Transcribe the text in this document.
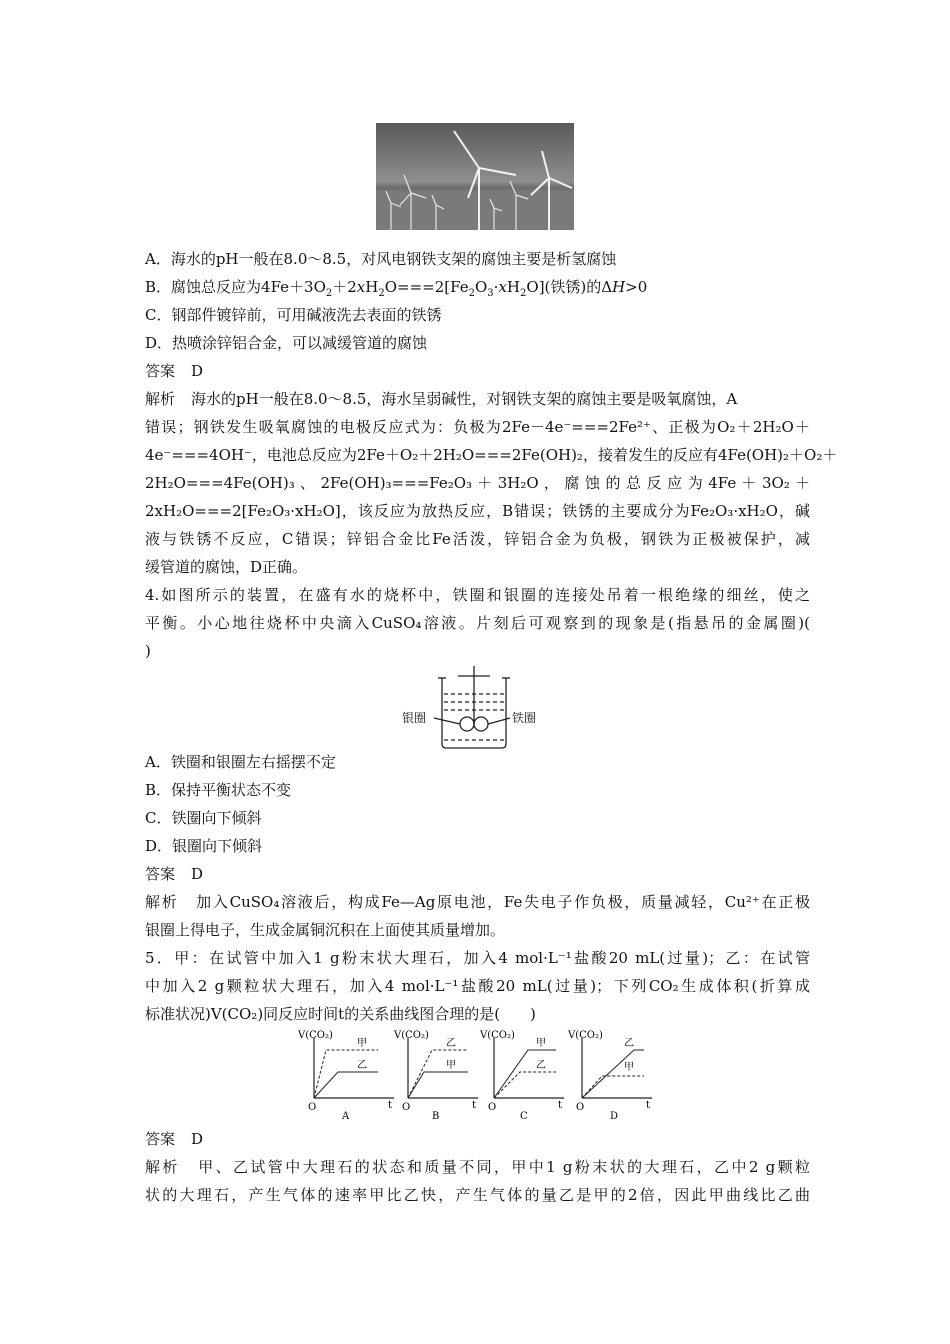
A．海水的pH一般在8.0～8.5，对风电钢铁支架的腐蚀主要是析氢腐蚀
B．腐蚀总反应为$4Fe+3O_2+2xH_2O===2[Fe_2O_3\cdot xH_2O]$(铁锈)的ΔH>0
C．钢部件镀锌前，可用碱液洗去表面的铁锈
D．热喷涂锌铝合金，可以减缓管道的腐蚀
答案 D
解析 海水的pH一般在8.0～8.5，海水呈弱碱性，对钢铁支架的腐蚀主要是吸氧腐蚀，A
错误；钢铁发生吸氧腐蚀的电极反应式为：负极为2Fe－4e⁻===2Fe²⁺、正极为O₂＋2H₂O＋
4e⁻===4OH⁻，电池总反应为2Fe＋O₂＋2H₂O===2Fe(OH)₂，接着发生的反应有4Fe(OH)₂＋O₂＋
2H₂O===4Fe(OH)₃ 、 2Fe(OH)₃===Fe₂O₃ ＋ 3H₂O ， 腐 蚀 的 总 反 应 为 4Fe ＋ 3O₂ ＋
2xH₂O===2[Fe₂O₃·xH₂O]，该反应为放热反应，B错误；铁锈的主要成分为Fe₂O₃·xH₂O，碱
液与铁锈不反应，C错误；锌铝合金比Fe活泼，锌铝合金为负极，钢铁为正极被保护，减
缓管道的腐蚀，D正确。
4.如图所示的装置，在盛有水的烧杯中，铁圈和银圈的连接处吊着一根绝缘的细丝，使之
平衡。小心地往烧杯中央滴入CuSO₄溶液。片刻后可观察到的现象是(指悬吊的金属圈)(
)
银圈	铁圈
A．铁圈和银圈左右摇摆不定
B．保持平衡状态不变
C．铁圈向下倾斜
D．银圈向下倾斜
答案 D
解析 加入CuSO₄溶液后，构成Fe—Ag原电池，Fe失电子作负极，质量减轻，Cu²⁺在正极
银圈上得电子，生成金属铜沉积在上面使其质量增加。
5．甲：在试管中加入1 g粉末状大理石，加入4 mol·L⁻¹盐酸20 mL(过量)；乙：在试管
中加入2 g颗粒状大理石，加入4 mol·L⁻¹盐酸20 mL(过量)；下列CO₂生成体积(折算成
标准状况)V(CO₂)同反应时间t的关系曲线图合理的是(　　)
V(CO₂)
甲
乙
O	t
A
V(CO₂)
乙
甲
O	t
B
V(CO₂)
甲
乙
O	t
C
V(CO₂)
乙
甲
O	t
D
答案 D
解析 甲、乙试管中大理石的状态和质量不同，甲中1 g粉末状的大理石，乙中2 g颗粒
状的大理石，产生气体的速率甲比乙快，产生气体的量乙是甲的2倍，因此甲曲线比乙曲
